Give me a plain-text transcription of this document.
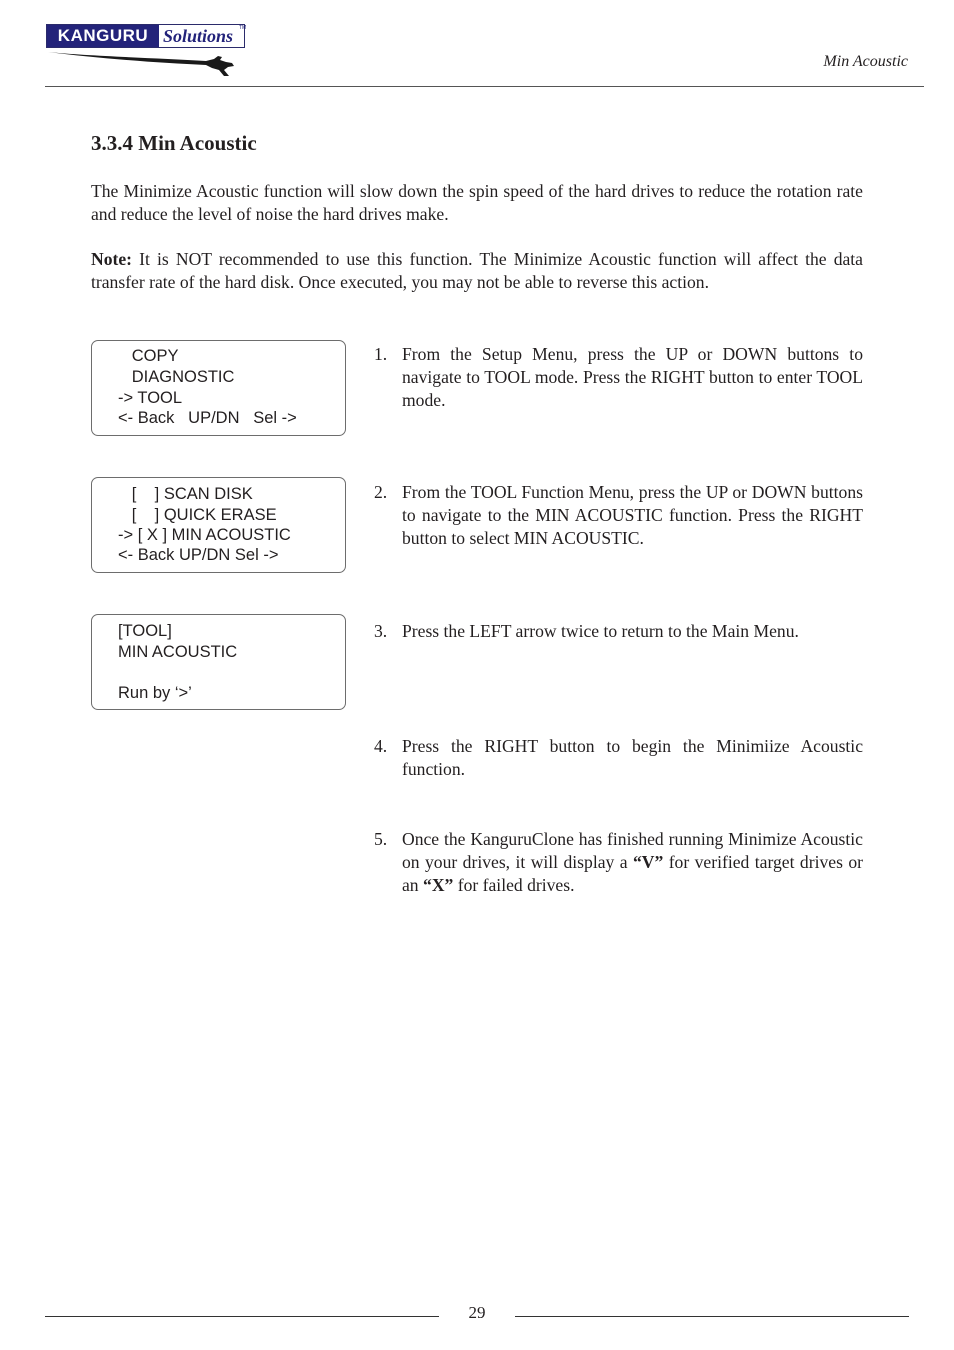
KANGURU Solutions TM
Min Acoustic
3.3.4 Min Acoustic

The Minimize Acoustic function will slow down the spin speed of the hard drives to reduce the rotation rate and reduce the level of noise the hard drives make.

Note: It is NOT recommended to use this function. The Minimize Acoustic function will affect the data transfer rate of the hard disk. Once executed, you may not be able to reverse this action.

COPY
DIAGNOSTIC
-> TOOL
<- Back   UP/DN   Sel ->
[    ] SCAN DISK
[    ] QUICK ERASE
-> [ X ] MIN ACOUSTIC
<- Back UP/DN Sel ->
[TOOL]
MIN ACOUSTIC
Run by ‘>’
1. From the Setup Menu, press the UP or DOWN buttons to navigate to TOOL mode. Press the RIGHT button to enter TOOL mode.

2. From the TOOL Function Menu, press the UP or DOWN buttons to navigate to the MIN ACOUSTIC function. Press the RIGHT button to select MIN ACOUSTIC.

3. Press the LEFT arrow twice to return to the Main Menu.

4. Press the RIGHT button to begin the Minimiize Acoustic function.

5. Once the KanguruClone has finished running Minimize Acoustic on your drives, it will display a “V” for verified target drives or an “X” for failed drives.

29
